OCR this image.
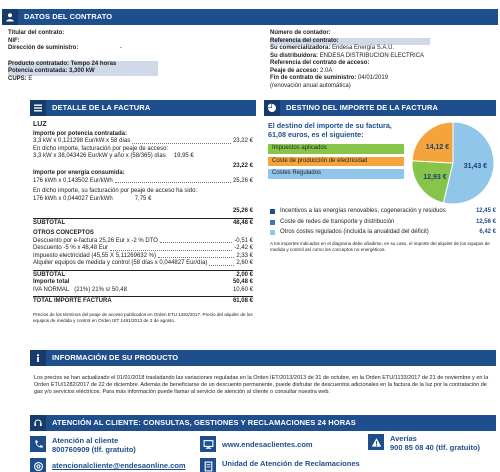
DATOS DEL CONTRATO
Titular del contrato:

NIF:

Dirección de suministro:
	-
Producto contratado:
Tempo 24 horas
Potencia contratada:
3,300 kW
CUPS:
E
Número de contador:

Referencia del contrato:

Su comercializadora:
Endesa Energía S.A.U.
Su distribuidora:
ENDESA DISTRIBUCION ELECTRICA
Referencia del contrato de acceso:

Peaje de acceso:
2.0A
Fin de contrato de suministro:
04/01/2019
(renovación anual automática)
DETALLE DE LA FACTURA
LUZ
Importe por potencia contratada:
3,3 kW x 0,121298 Eur/kW x 58 días	23,22 €
En dicho importe, facturación por peaje de acceso:
3,3 kW x 38,043426 Eur/kW y año x (58/365) días 19,95 €
23,22 €
Importe por energía consumida:
176 kWh x 0,143502 Eur/kWh	25,26 €
En dicho importe, su facturación por peaje de acceso ha sido:
176 kWh x 0,044027 Eur/kWh	7,75 €
25,26 €
SUBTOTAL	48,48 €
OTROS CONCEPTOS
Descuento por e-factura 25,26 Eur x -2 % DTO	-0,51 €
Descuento -5 % x 48,48 Eur	-2,42 €
Impuesto electricidad (45,55 X 5,11269632 %)	2,33 €
Alquiler equipos de medida y control (58 días x 0,044827 Eur/día)	2,60 €
SUBTOTAL	2,00 €
Importe total	50,48 €
IVA NORMAL (21%) 21% s/ 50,48	10,60 €
TOTAL IMPORTE FACTURA	61,08 €
Precios de los términos del peaje de acceso publicados en Orden ETU 1282/2017. Precio del alquiler de los equipos de medida y control en Orden IET 1491/2013 de 3 de agosto.
DESTINO DEL IMPORTE DE LA FACTURA
El destino del importe de su factura, 61,08 euros, es el siguiente:
Impuestos aplicados Coste de producción de electricidad Costes Regulados
12,93 €
14,12 €
31,43 €
Incentivos a las energías renovables, cogeneración y residuos	12,45 €
Coste de redes de transporte y distribución	12,56 €
Otros costes regulados (incluida la anualidad del déficit)	6,42 €
A los importes indicados en el diagrama debe añadirse, en su caso, el importe del alquiler de los equipos de medida y control así como los conceptos no energéticos.
INFORMACIÓN DE SU PRODUCTO
Los precios se han actualizado el 01/01/2018 trasladando las variaciones reguladas en la Orden IET/2013/2013 de 31 de octubre, en la Orden ETU/1133/2017 de 21 de noviembre y en la Orden ETU/1282/2017 de 22 de diciembre. Además de beneficiarse de un descuento permanente, puede disfrutar de descuentos adicionales en la factura de la luz por la contratación de gas y/o servicios eléctricos. Para más información puede llamar al servicio de atención al cliente o consultar nuestra web.
ATENCIÓN AL CLIENTE: CONSULTAS, GESTIONES Y RECLAMACIONES 24 HORAS
Atención al cliente
800760909 (tlf. gratuito)
www.endesaclientes.com
Averías
900 85 08 40 (tlf. gratuito)
atencionalcliente@endesaonline.com	Unidad de Atención de Reclamaciones
